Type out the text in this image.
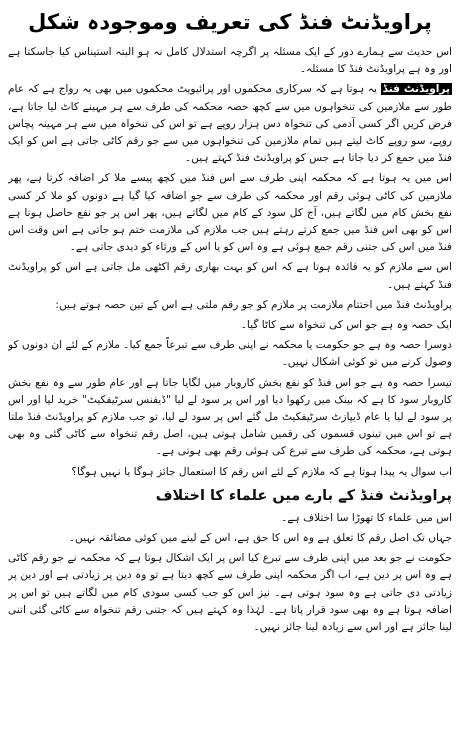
پراویڈنٹ فنڈ کی تعریف وموجودہ شکل

اس حدیث سے ہمارے دور کے ایک مسئلہ پر اگرچہ استدلال کامل نہ ہو البتہ استیناس کیا جاسکتا ہے اور وہ ہے پراویڈنٹ فنڈ کا مسئلہ۔

پراویڈنٹ فنڈ یہ ہوتا ہے کہ سرکاری محکموں اور پرائیویٹ محکموں میں بھی یہ رواج ہے کہ عام طور سے ملازمین کی تنخواہوں میں سے کچھ حصہ محکمہ کی طرف سے ہر مہینے کاٹ لیا جاتا ہے، فرض کریں اگر کسی آدمی کی تنخواہ دس ہزار روپے ہے تو اس کی تنخواہ میں سے ہر مہینہ پچاس روپے، سو روپے کاٹ لیتے ہیں تمام ملازمین کی تنخواہوں میں سے جو رقم کاٹی جاتی ہے اس کو ایک فنڈ میں جمع کر دیا جاتا ہے جس کو پراویڈنٹ فنڈ کہتے ہیں۔

اس میں یہ ہوتا ہے کہ محکمہ اپنی طرف سے اس فنڈ میں کچھ پیسے ملا کر اضافہ کرتا ہے، پھر ملازمین کی کاٹی ہوئی رقم اور محکمہ کی طرف سے جو اضافہ کیا گیا ہے دونوں کو ملا کر کسی نفع بخش کام میں لگاتے ہیں، آج کل سود کے کام میں لگاتے ہیں، پھر اس پر جو نفع حاصل ہوتا ہے اس کو بھی اس فنڈ میں جمع کرتے رہتے ہیں جب ملازم کی ملازمت ختم ہو جاتی ہے اس وقت اس فنڈ میں اس کی جتنی رقم جمع ہوئی ہے وہ اس کو یا اس کے ورثاء کو دیدی جاتی ہے۔

اس سے ملازم کو یہ فائدہ ہوتا ہے کہ اس کو بہت بھاری رقم اکٹھی مل جاتی ہے اس کو پراویڈنٹ فنڈ کہتے ہیں۔

پراویڈنٹ فنڈ میں اختتام ملازمت پر ملازم کو جو رقم ملتی ہے اس کے تین حصہ ہوتے ہیں:

ایک حصہ وہ ہے جو اس کی تنخواہ سے کاٹا گیا۔

دوسرا حصہ وہ ہے جو حکومت یا محکمہ نے اپنی طرف سے تبرعاً جمع کیا۔ ملازم کے لئے ان دونوں کو وصول کرنے میں تو کوئی اشکال نہیں۔

تیسرا حصہ وہ ہے جو اس فنڈ کو نفع بخش کاروبار میں لگایا جاتا ہے اور عام طور سے وہ نفع بخش کاروبار سود کا ہے کہ بینک میں رکھوا دیا اور اس پر سود لے لیا "ڈیفنس سرٹیفکیٹ" خرید لیا اور اس پر سود لے لیا یا عام ڈیپازٹ سرٹیفکیٹ مل گئے اس پر سود لے لیا، تو جب ملازم کو پراویڈنٹ فنڈ ملتا ہے تو اس میں تینوں قسموں کی رقمیں شامل ہوتی ہیں، اصل رقم تنخواہ سے کاٹی گئی وہ بھی ہوتی ہے، محکمہ کی طرف سے تبرع کی ہوئی رقم بھی ہوتی ہے۔

اب سوال یہ پیدا ہوتا ہے کہ ملازم کے لئے اس رقم کا استعمال جائز ہوگا یا نہیں ہوگا؟

پراویڈنٹ فنڈ کے بارے میں علماء کا اختلاف

اس میں علماء کا تھوڑا سا اختلاف ہے۔

جہاں تک اصل رقم کا تعلق ہے وہ اس کا حق ہے، اس کے لینے میں کوئی مضائقہ نہیں۔

حکومت نے جو بعد میں اپنی طرف سے تبرع کیا اس پر ایک اشکال ہوتا ہے کہ محکمہ نے جو رقم کاٹی ہے وہ اس پر دین ہے، اب اگر محکمہ اپنی طرف سے کچھ دیتا ہے تو وہ دین پر زیادتی ہے اور دین پر زیادتی دی جاتی ہے وہ سود ہوتی ہے۔ نیز اس کو جب کسی سودی کام میں لگاتے ہیں تو اس پر اضافہ ہوتا ہے وہ بھی سود قرار پاتا ہے۔ لہٰذا وہ کہتے ہیں کہ جتنی رقم تنخواہ سے کاٹی گئی اتنی لینا جائز ہے اور اس سے زیادہ لینا جائز نہیں۔
